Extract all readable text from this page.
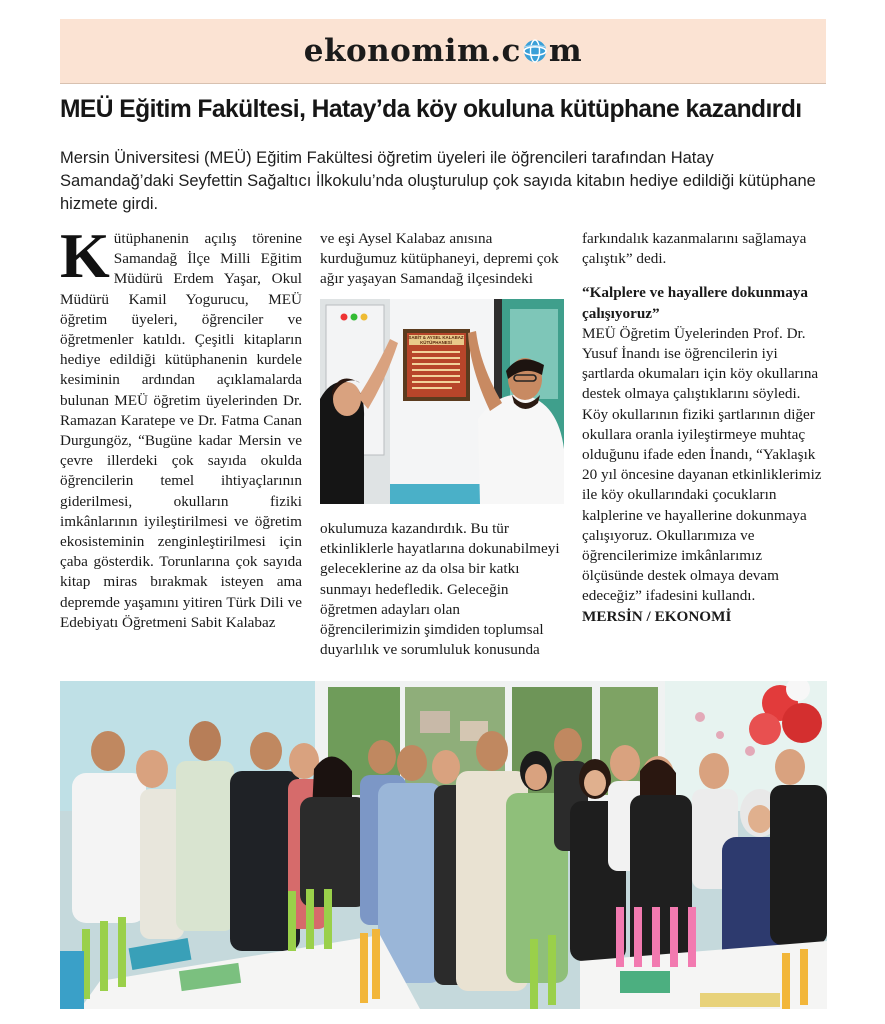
ekonomim.c m
MEÜ Eğitim Fakültesi, Hatay’da köy okuluna kütüphane kazandırdı

Mersin Üniversitesi (MEÜ) Eğitim Fakültesi öğretim üyeleri ile öğrencileri tarafından Hatay Samandağ’daki Seyfettin Sağaltıcı İlkokulu’nda oluşturulup çok sayıda kitabın hediye edildiği kütüphane hizmete girdi.

Kütüphanenin açılış törenine Samandağ İlçe Milli Eğitim Müdürü Erdem Yaşar, Okul Müdürü Kamil Yogurucu, MEÜ öğretim üyeleri, öğrenciler ve öğretmenler katıldı. Çeşitli kitapların hediye edildiği kütüphanenin kurdele kesiminin ardından açıklamalarda bulunan MEÜ öğretim üyelerinden Dr. Ramazan Karatepe ve Dr. Fatma Canan Durgungöz, “Bugüne kadar Mersin ve çevre illerdeki çok sayıda okulda öğrencilerin temel ihtiyaçlarının giderilmesi, okulların fiziki imkânlarının iyileştirilmesi ve öğretim ekosisteminin zenginleştirilmesi için çaba gösterdik. Torunlarına çok sayıda kitap miras bırakmak isteyen ama depremde yaşamını yitiren Türk Dili ve Edebiyatı Öğretmeni Sabit Kalabaz

ve eşi Aysel Kalabaz anısına kurduğumuz kütüphaneyi, depremi çok ağır yaşayan Samandağ ilçesindeki

okulumuza kazandırdık. Bu tür etkinliklerle hayatlarına dokunabilmeyi geleceklerine az da olsa bir katkı sunmayı hedefledik. Geleceğin öğretmen adayları olan öğrencilerimizin şimdiden toplumsal duyarlılık ve sorumluluk konusunda

SABİT & AYSEL KALABAZ
KÜTÜPHANESİ

farkındalık kazanmalarını sağlamaya çalıştık” dedi.

“Kalplere ve hayallere dokunmaya çalışıyoruz”

MEÜ Öğretim Üyelerinden Prof. Dr. Yusuf İnandı ise öğrencilerin iyi şartlarda okumaları için köy okullarına destek olmaya çalıştıklarını söyledi. Köy okullarının fiziki şartlarının diğer okullara oranla iyileştirmeye muhtaç olduğunu ifade eden İnandı, “Yaklaşık 20 yıl öncesine dayanan etkinliklerimiz ile köy okullarındaki çocukların kalplerine ve hayallerine dokunmaya çalışıyoruz. Okullarımıza ve öğrencilerimize imkânlarımız ölçüsünde destek olmaya devam edeceğiz” ifadesini kullandı.

MERSİN / EKONOMİ
